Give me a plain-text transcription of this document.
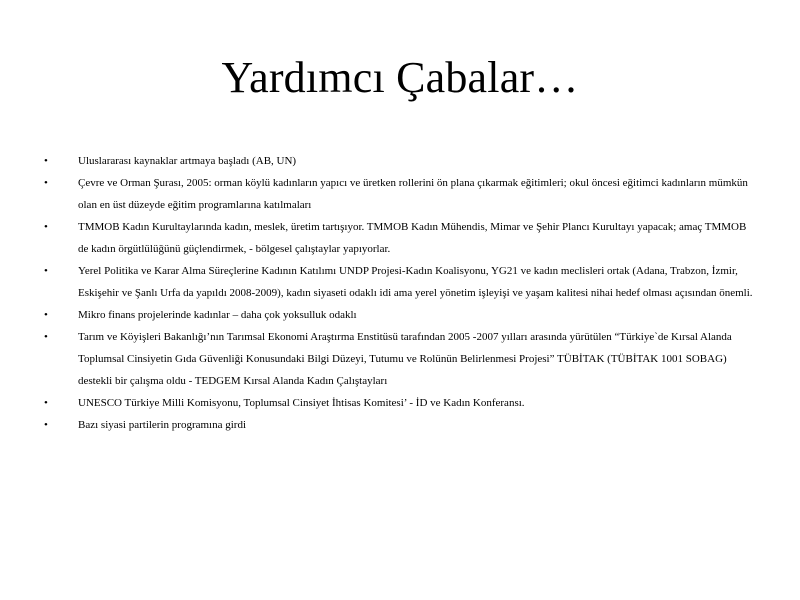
Yardımcı Çabalar…
•	Uluslararası kaynaklar artmaya başladı (AB, UN)
•	Çevre ve Orman Şurası, 2005: orman köylü kadınların yapıcı ve üretken rollerini ön plana çıkarmak eğitimleri; okul öncesi eğitimci kadınların mümkün olan en üst düzeyde eğitim programlarına katılmaları
•	TMMOB Kadın Kurultaylarında kadın, meslek, üretim tartışıyor. TMMOB Kadın Mühendis, Mimar ve Şehir Plancı Kurultayı yapacak; amaç TMMOB de kadın örgütlülüğünü güçlendirmek, - bölgesel çalıştaylar yapıyorlar.
•	Yerel Politika ve Karar Alma Süreçlerine Kadının Katılımı UNDP Projesi-Kadın Koalisyonu, YG21 ve kadın meclisleri ortak (Adana, Trabzon, İzmir, Eskişehir ve Şanlı Urfa da yapıldı 2008-2009), kadın siyaseti odaklı idi ama yerel yönetim işleyişi ve yaşam kalitesi nihai hedef olması açısından önemli.
•	Mikro finans projelerinde kadınlar – daha çok yoksulluk odaklı
•	Tarım ve Köyişleri Bakanlığı’nın Tarımsal Ekonomi Araştırma Enstitüsü tarafından 2005 -2007 yılları arasında yürütülen “Türkiye`de Kırsal Alanda Toplumsal Cinsiyetin Gıda Güvenliği Konusundaki Bilgi Düzeyi, Tutumu ve Rolünün Belirlenmesi Projesi” TÜBİTAK (TÜBİTAK 1001 SOBAG) destekli bir çalışma oldu - TEDGEM Kırsal Alanda Kadın Çalıştayları
•	UNESCO Türkiye Milli Komisyonu, Toplumsal Cinsiyet İhtisas Komitesi’ - İD ve Kadın Konferansı.
•	Bazı siyasi partilerin programına girdi
